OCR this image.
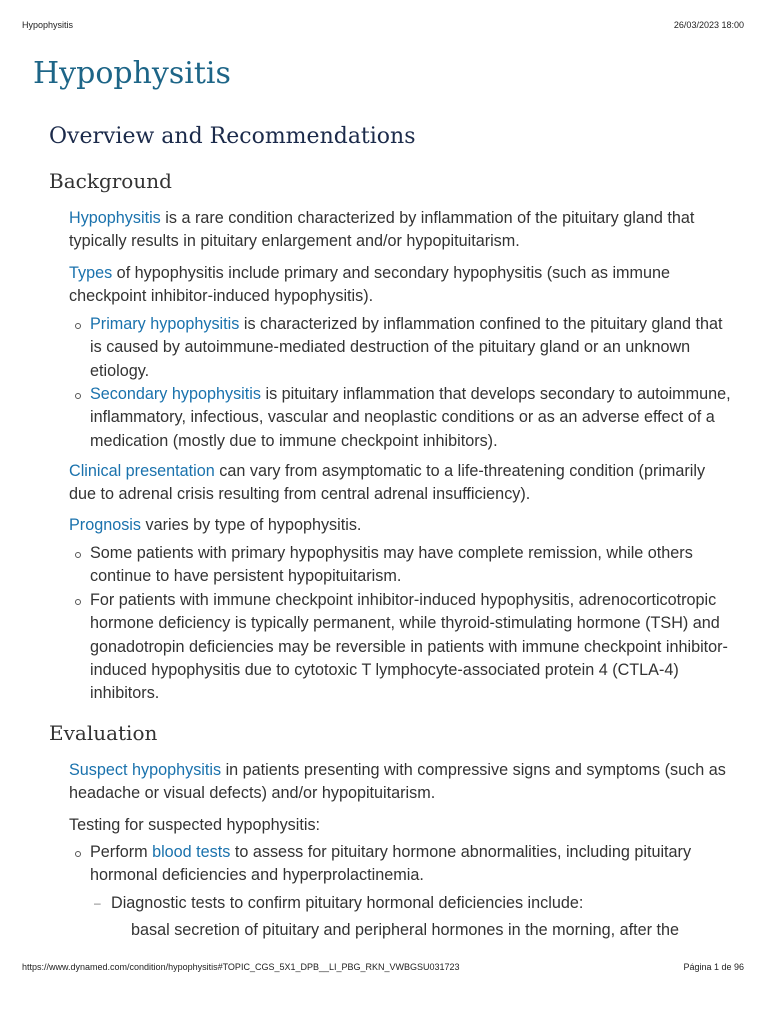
Hypophysitis	26/03/2023 18:00
Hypophysitis
Overview and Recommendations
Background

Hypophysitis is a rare condition characterized by inflammation of the pituitary gland that typically results in pituitary enlargement and/or hypopituitarism.

Types of hypophysitis include primary and secondary hypophysitis (such as immune checkpoint inhibitor-induced hypophysitis).

Primary hypophysitis is characterized by inflammation confined to the pituitary gland that is caused by autoimmune-mediated destruction of the pituitary gland or an unknown etiology.

Secondary hypophysitis is pituitary inflammation that develops secondary to autoimmune, inflammatory, infectious, vascular and neoplastic conditions or as an adverse effect of a medication (mostly due to immune checkpoint inhibitors).

Clinical presentation can vary from asymptomatic to a life-threatening condition (primarily due to adrenal crisis resulting from central adrenal insufficiency).

Prognosis varies by type of hypophysitis.

Some patients with primary hypophysitis may have complete remission, while others continue to have persistent hypopituitarism.

For patients with immune checkpoint inhibitor-induced hypophysitis, adrenocorticotropic hormone deficiency is typically permanent, while thyroid-stimulating hormone (TSH) and gonadotropin deficiencies may be reversible in patients with immune checkpoint inhibitor-induced hypophysitis due to cytotoxic T lymphocyte-associated protein 4 (CTLA-4) inhibitors.

Evaluation

Suspect hypophysitis in patients presenting with compressive signs and symptoms (such as headache or visual defects) and/or hypopituitarism.

Testing for suspected hypophysitis:

Perform blood tests to assess for pituitary hormone abnormalities, including pituitary hormonal deficiencies and hyperprolactinemia.

– Diagnostic tests to confirm pituitary hormonal deficiencies include:

basal secretion of pituitary and peripheral hormones in the morning, after the

https://www.dynamed.com/condition/hypophysitis#TOPIC_CGS_5X1_DPB__LI_PBG_RKN_VWBGSU031723	Página 1 de 96
